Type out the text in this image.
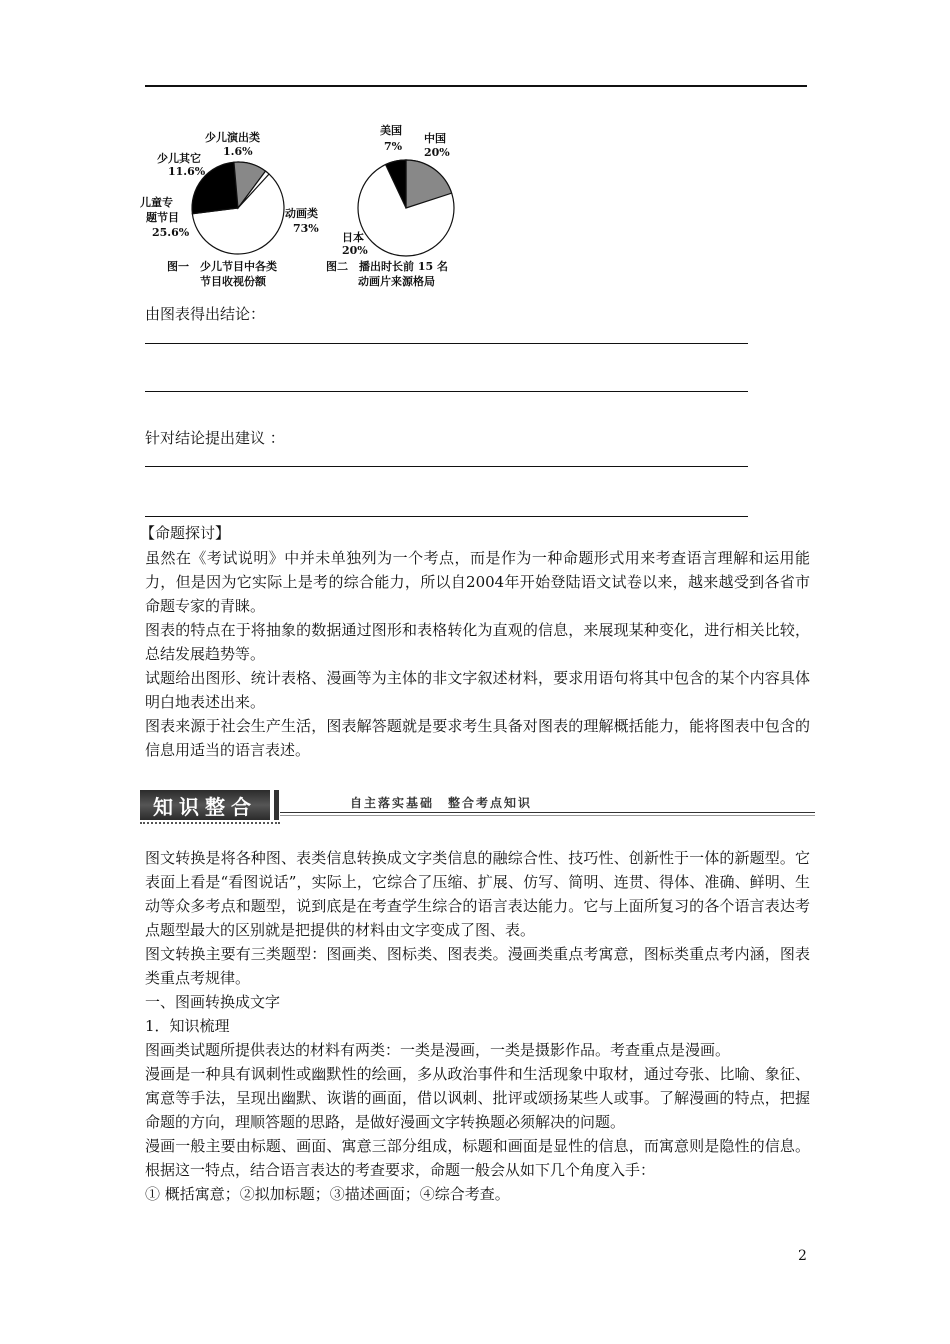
少儿演出类
1.6%
少儿其它
11.6%
儿童专
题节目
25.6%
动画类
73%
图一　少儿节目中各类
节目收视份额
美国
7%
中国
20%
日本
20%
图二　播出时长前 15 名
动画片来源格局
由图表得出结论：
针对结论提出建议 ：
【命题探讨】

虽然在《考试说明》中并未单独列为一个考点，而是作为一种命题形式用来考查语言理解和运用能力，但是因为它实际上是考的综合能力，所以自2004年开始登陆语文试卷以来，越来越受到各省市命题专家的青睐。

图表的特点在于将抽象的数据通过图形和表格转化为直观的信息，来展现某种变化，进行相关比较，总结发展趋势等。

试题给出图形、统计表格、漫画等为主体的非文字叙述材料，要求用语句将其中包含的某个内容具体明白地表述出来。

图表来源于社会生产生活，图表解答题就是要求考生具备对图表的理解概括能力，能将图表中包含的信息用适当的语言表述。

知识整合	自主落实基础　整合考点知识

图文转换是将各种图、表类信息转换成文字类信息的融综合性、技巧性、创新性于一体的新题型。它表面上看是“看图说话”，实际上，它综合了压缩、扩展、仿写、简明、连贯、得体、准确、鲜明、生动等众多考点和题型，说到底是在考查学生综合的语言表达能力。它与上面所复习的各个语言表达考点题型最大的区别就是把提供的材料由文字变成了图、表。

图文转换主要有三类题型：图画类、图标类、图表类。漫画类重点考寓意，图标类重点考内涵，图表类重点考规律。

一、图画转换成文字

1．知识梳理

图画类试题所提供表达的材料有两类：一类是漫画，一类是摄影作品。考查重点是漫画。

漫画是一种具有讽刺性或幽默性的绘画，多从政治事件和生活现象中取材，通过夸张、比喻、象征、寓意等手法，呈现出幽默、诙谐的画面，借以讽刺、批评或颂扬某些人或事。了解漫画的特点，把握命题的方向，理顺答题的思路，是做好漫画文字转换题必须解决的问题。

漫画一般主要由标题、画面、寓意三部分组成，标题和画面是显性的信息，而寓意则是隐性的信息。根据这一特点，结合语言表达的考查要求，命题一般会从如下几个角度入手：

① 概括寓意；②拟加标题；③描述画面；④综合考查。

2
